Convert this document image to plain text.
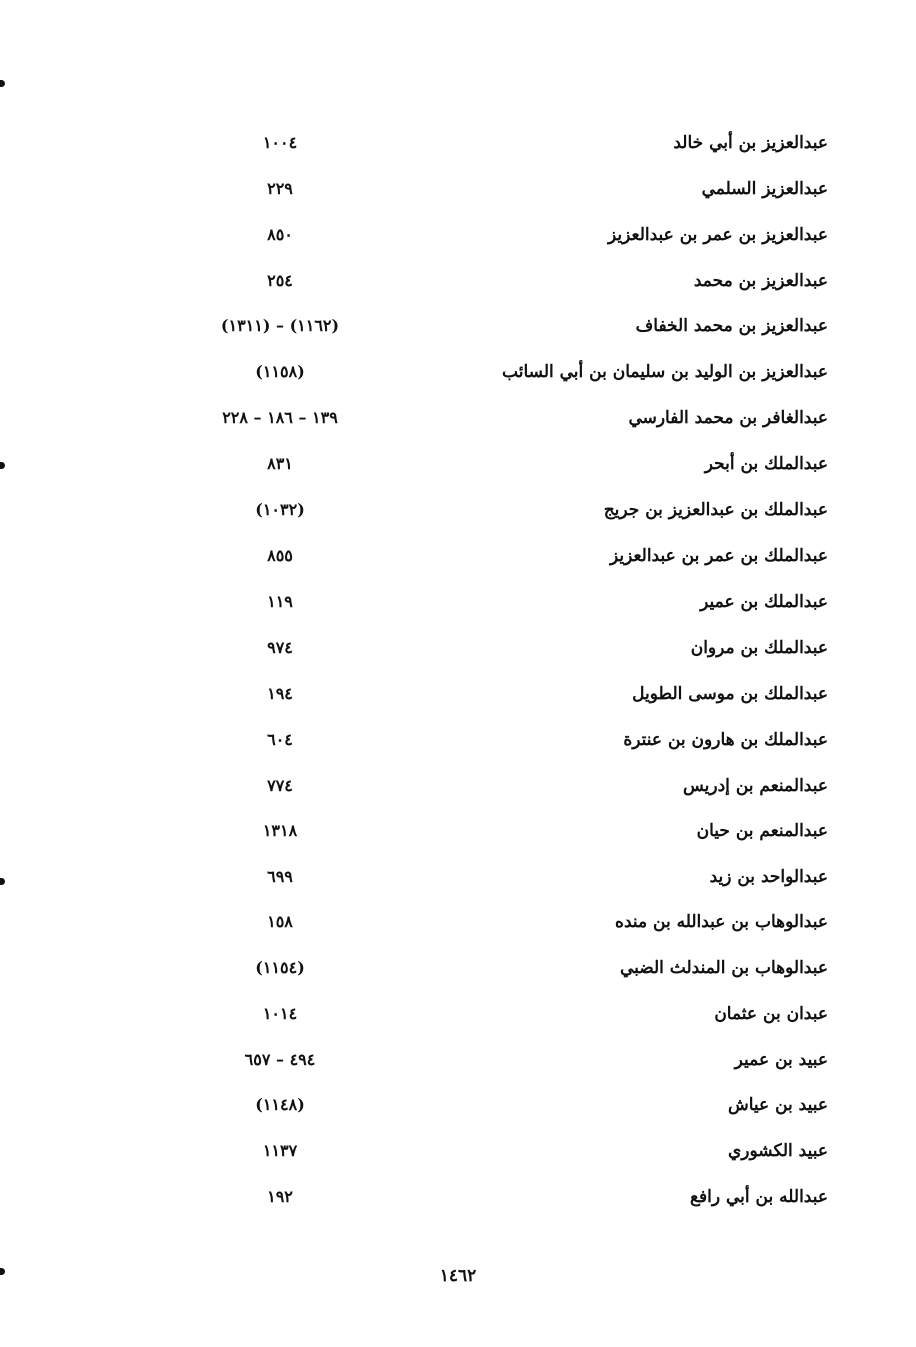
عبدالعزيز بن أبي خالد
١٠٠٤
عبدالعزيز السلمي
٢٢٩
عبدالعزيز بن عمر بن عبدالعزيز
٨٥٠
عبدالعزيز بن محمد
٢٥٤
عبدالعزيز بن محمد الخفاف
(١١٦٢) – (١٣١١)
عبدالعزيز بن الوليد بن سليمان بن أبي السائب
(١١٥٨)
عبدالغافر بن محمد الفارسي
١٣٩ – ١٨٦ – ٢٢٨
عبدالملك بن أبحر
٨٣١
عبدالملك بن عبدالعزيز بن جريج
(١٠٣٢)
عبدالملك بن عمر بن عبدالعزيز
٨٥٥
عبدالملك بن عمير
١١٩
عبدالملك بن مروان
٩٧٤
عبدالملك بن موسى الطويل
١٩٤
عبدالملك بن هارون بن عنترة
٦٠٤
عبدالمنعم بن إدريس
٧٧٤
عبدالمنعم بن حيان
١٣١٨
عبدالواحد بن زيد
٦٩٩
عبدالوهاب بن عبدالله بن منده
١٥٨
عبدالوهاب بن المندلث الضبي
(١١٥٤)
عبدان بن عثمان
١٠١٤
عبيد بن عمير
٤٩٤ – ٦٥٧
عبيد بن عياش
(١١٤٨)
عبيد الكشوري
١١٣٧
عبدالله بن أبي رافع
١٩٢
١٤٦٢
